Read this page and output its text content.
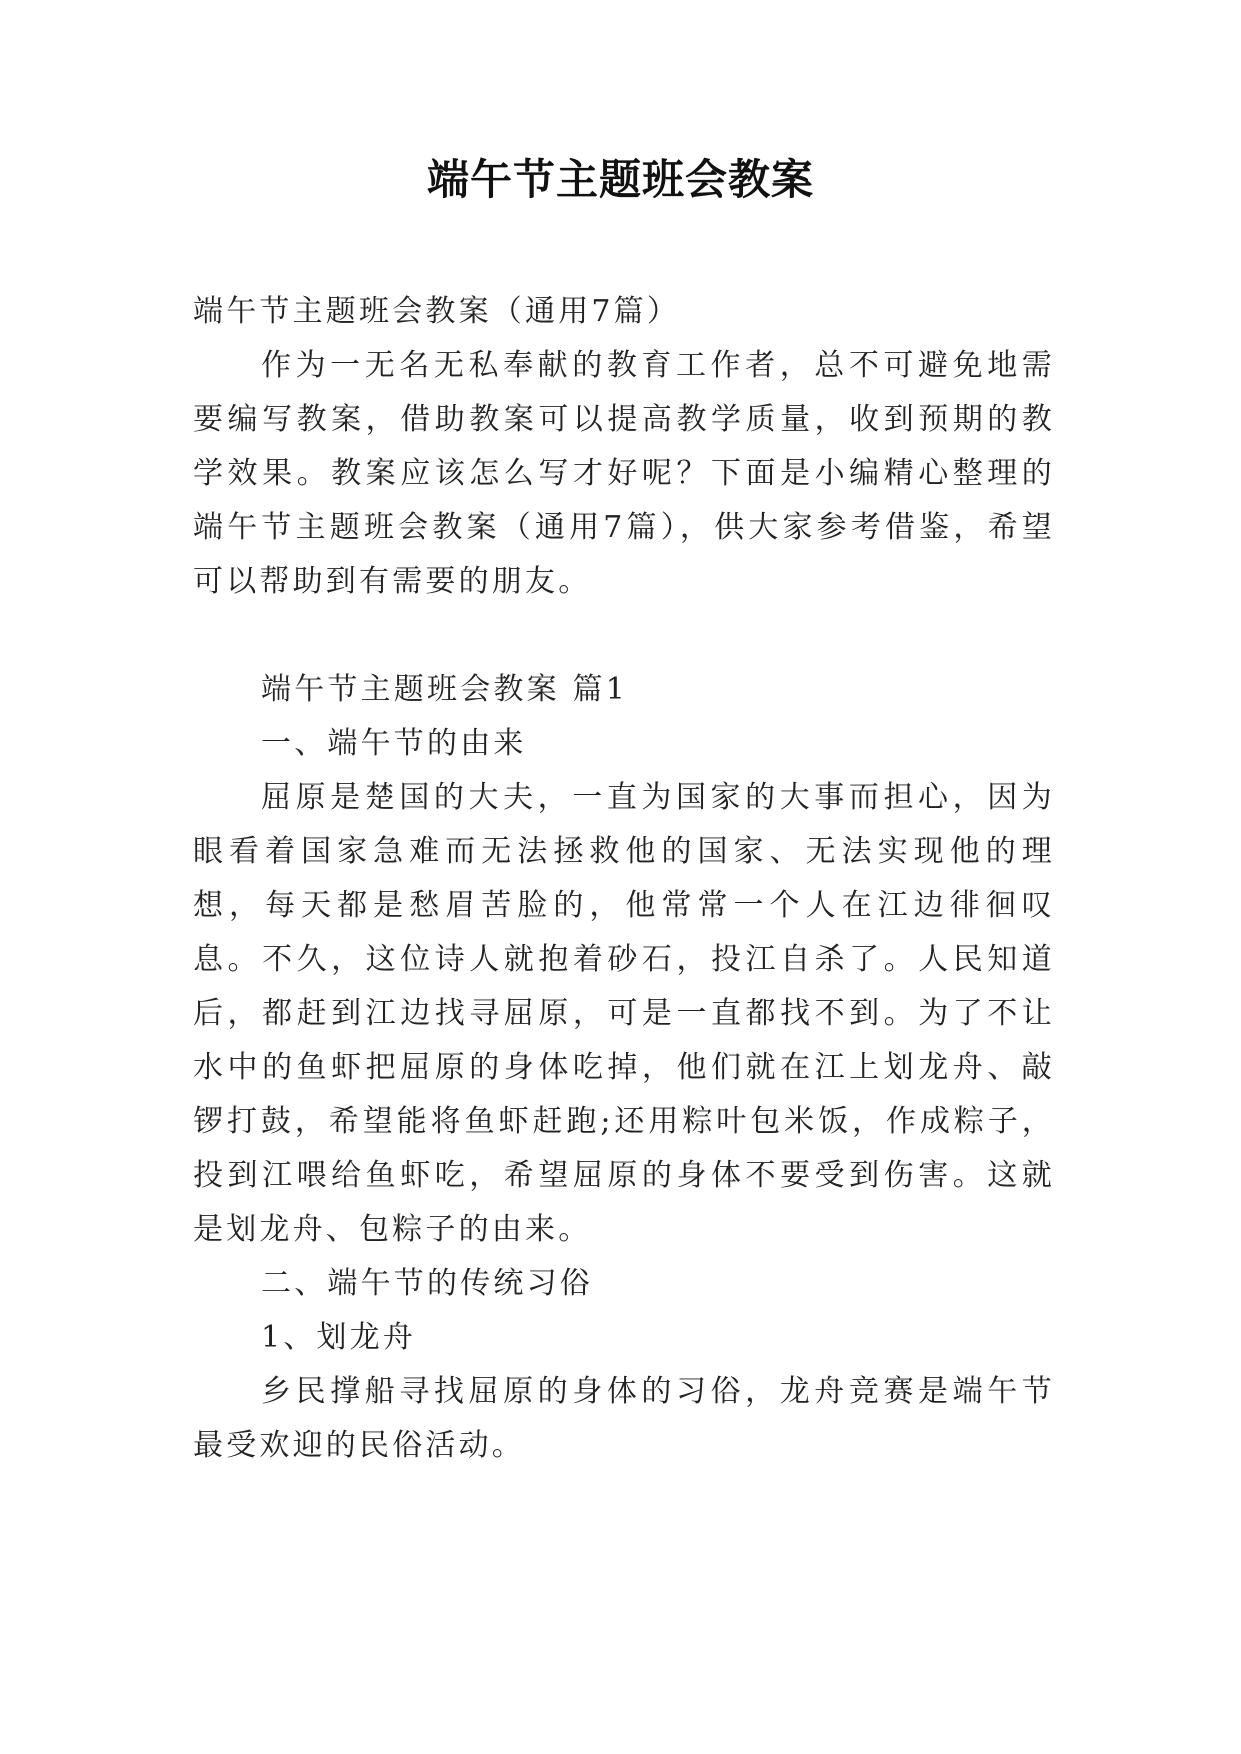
端午节主题班会教案

端午节主题班会教案（通用7篇）

作为一无名无私奉献的教育工作者，总不可避免地需要编写教案，借助教案可以提高教学质量，收到预期的教学效果。教案应该怎么写才好呢？下面是小编精心整理的端午节主题班会教案（通用7篇），供大家参考借鉴，希望可以帮助到有需要的朋友。

端午节主题班会教案 篇1

一、端午节的由来

屈原是楚国的大夫，一直为国家的大事而担心，因为眼看着国家急难而无法拯救他的国家、无法实现他的理想，每天都是愁眉苦脸的，他常常一个人在江边徘徊叹息。不久，这位诗人就抱着砂石，投江自杀了。人民知道后，都赶到江边找寻屈原，可是一直都找不到。为了不让水中的鱼虾把屈原的身体吃掉，他们就在江上划龙舟、敲锣打鼓，希望能将鱼虾赶跑;还用粽叶包米饭，作成粽子，投到江喂给鱼虾吃，希望屈原的身体不要受到伤害。这就是划龙舟、包粽子的由来。

二、端午节的传统习俗

1、划龙舟

乡民撑船寻找屈原的身体的习俗，龙舟竞赛是端午节最受欢迎的民俗活动。
